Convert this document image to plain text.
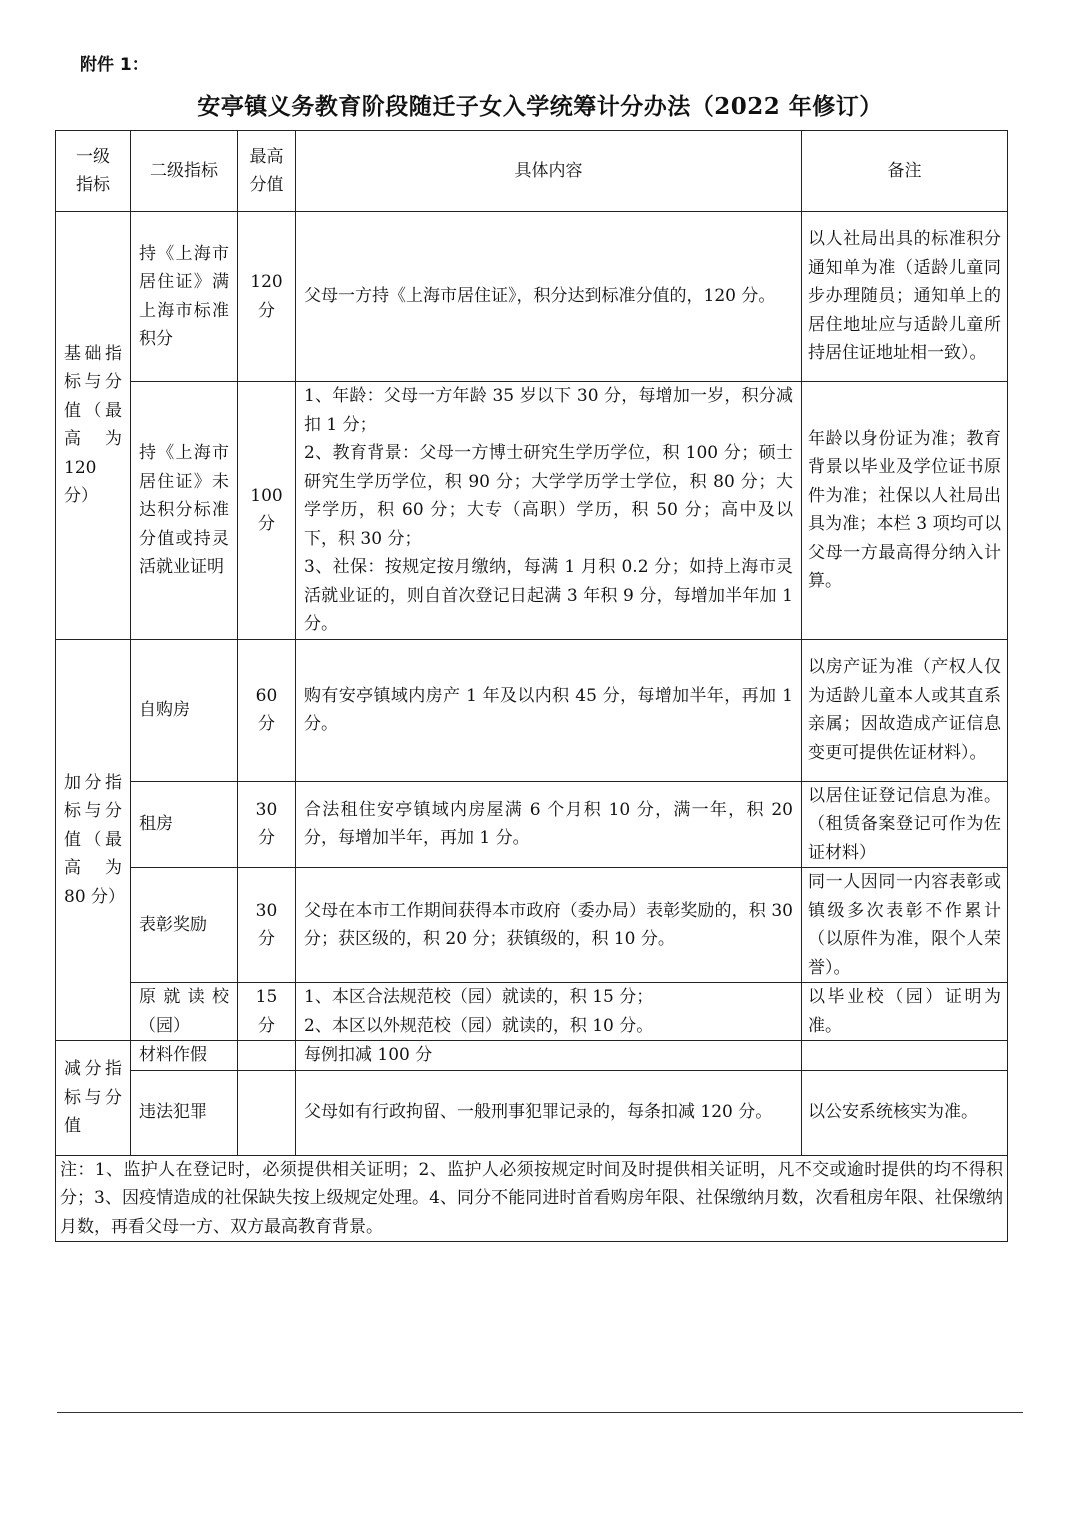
附件 1：
安亭镇义务教育阶段随迁子女入学统筹计分办法（2022 年修订）
一级指标	二级指标	最高分值	具体内容	备注
基础指标与分值（最高为 120 分）	持《上海市居住证》满上海市标准积分	120 分	父母一方持《上海市居住证》，积分达到标准分值的，120 分。	以人社局出具的标准积分通知单为准（适龄儿童同步办理随员；通知单上的居住地址应与适龄儿童所持居住证地址相一致）。
	持《上海市居住证》未达积分标准分值或持灵活就业证明	100 分	1、年龄：父母一方年龄 35 岁以下 30 分，每增加一岁，积分减扣 1 分；
2、教育背景：父母一方博士研究生学历学位，积 100 分；硕士研究生学历学位，积 90 分；大学学历学士学位，积 80 分；大学学历，积 60 分；大专（高职）学历，积 50 分；高中及以下，积 30 分；
3、社保：按规定按月缴纳，每满 1 月积 0.2 分；如持上海市灵活就业证的，则自首次登记日起满 3 年积 9 分，每增加半年加 1 分。	年龄以身份证为准；教育背景以毕业及学位证书原件为准；社保以人社局出具为准；本栏 3 项均可以父母一方最高得分纳入计算。
加分指标与分值（最高为 80 分）	自购房	60 分	购有安亭镇域内房产 1 年及以内积 45 分，每增加半年，再加 1 分。	以房产证为准（产权人仅为适龄儿童本人或其直系亲属；因故造成产证信息变更可提供佐证材料）。
	租房	30 分	合法租住安亭镇域内房屋满 6 个月积 10 分，满一年，积 20 分，每增加半年，再加 1 分。	以居住证登记信息为准。（租赁备案登记可作为佐证材料）
	表彰奖励	30 分	父母在本市工作期间获得本市政府（委办局）表彰奖励的，积 30 分；获区级的，积 20 分；获镇级的，积 10 分。	同一人因同一内容表彰或镇级多次表彰不作累计（以原件为准，限个人荣誉）。
	原就读校（园）	15 分	1、本区合法规范校（园）就读的，积 15 分；
2、本区以外规范校（园）就读的，积 10 分。	以毕业校（园）证明为准。
减分指标与分值	材料作假		每例扣减 100 分	
	违法犯罪		父母如有行政拘留、一般刑事犯罪记录的，每条扣减 120 分。	以公安系统核实为准。
注：1、监护人在登记时，必须提供相关证明；2、监护人必须按规定时间及时提供相关证明，凡不交或逾时提供的均不得积分；3、因疫情造成的社保缺失按上级规定处理。4、同分不能同进时首看购房年限、社保缴纳月数，次看租房年限、社保缴纳月数，再看父母一方、双方最高教育背景。				
